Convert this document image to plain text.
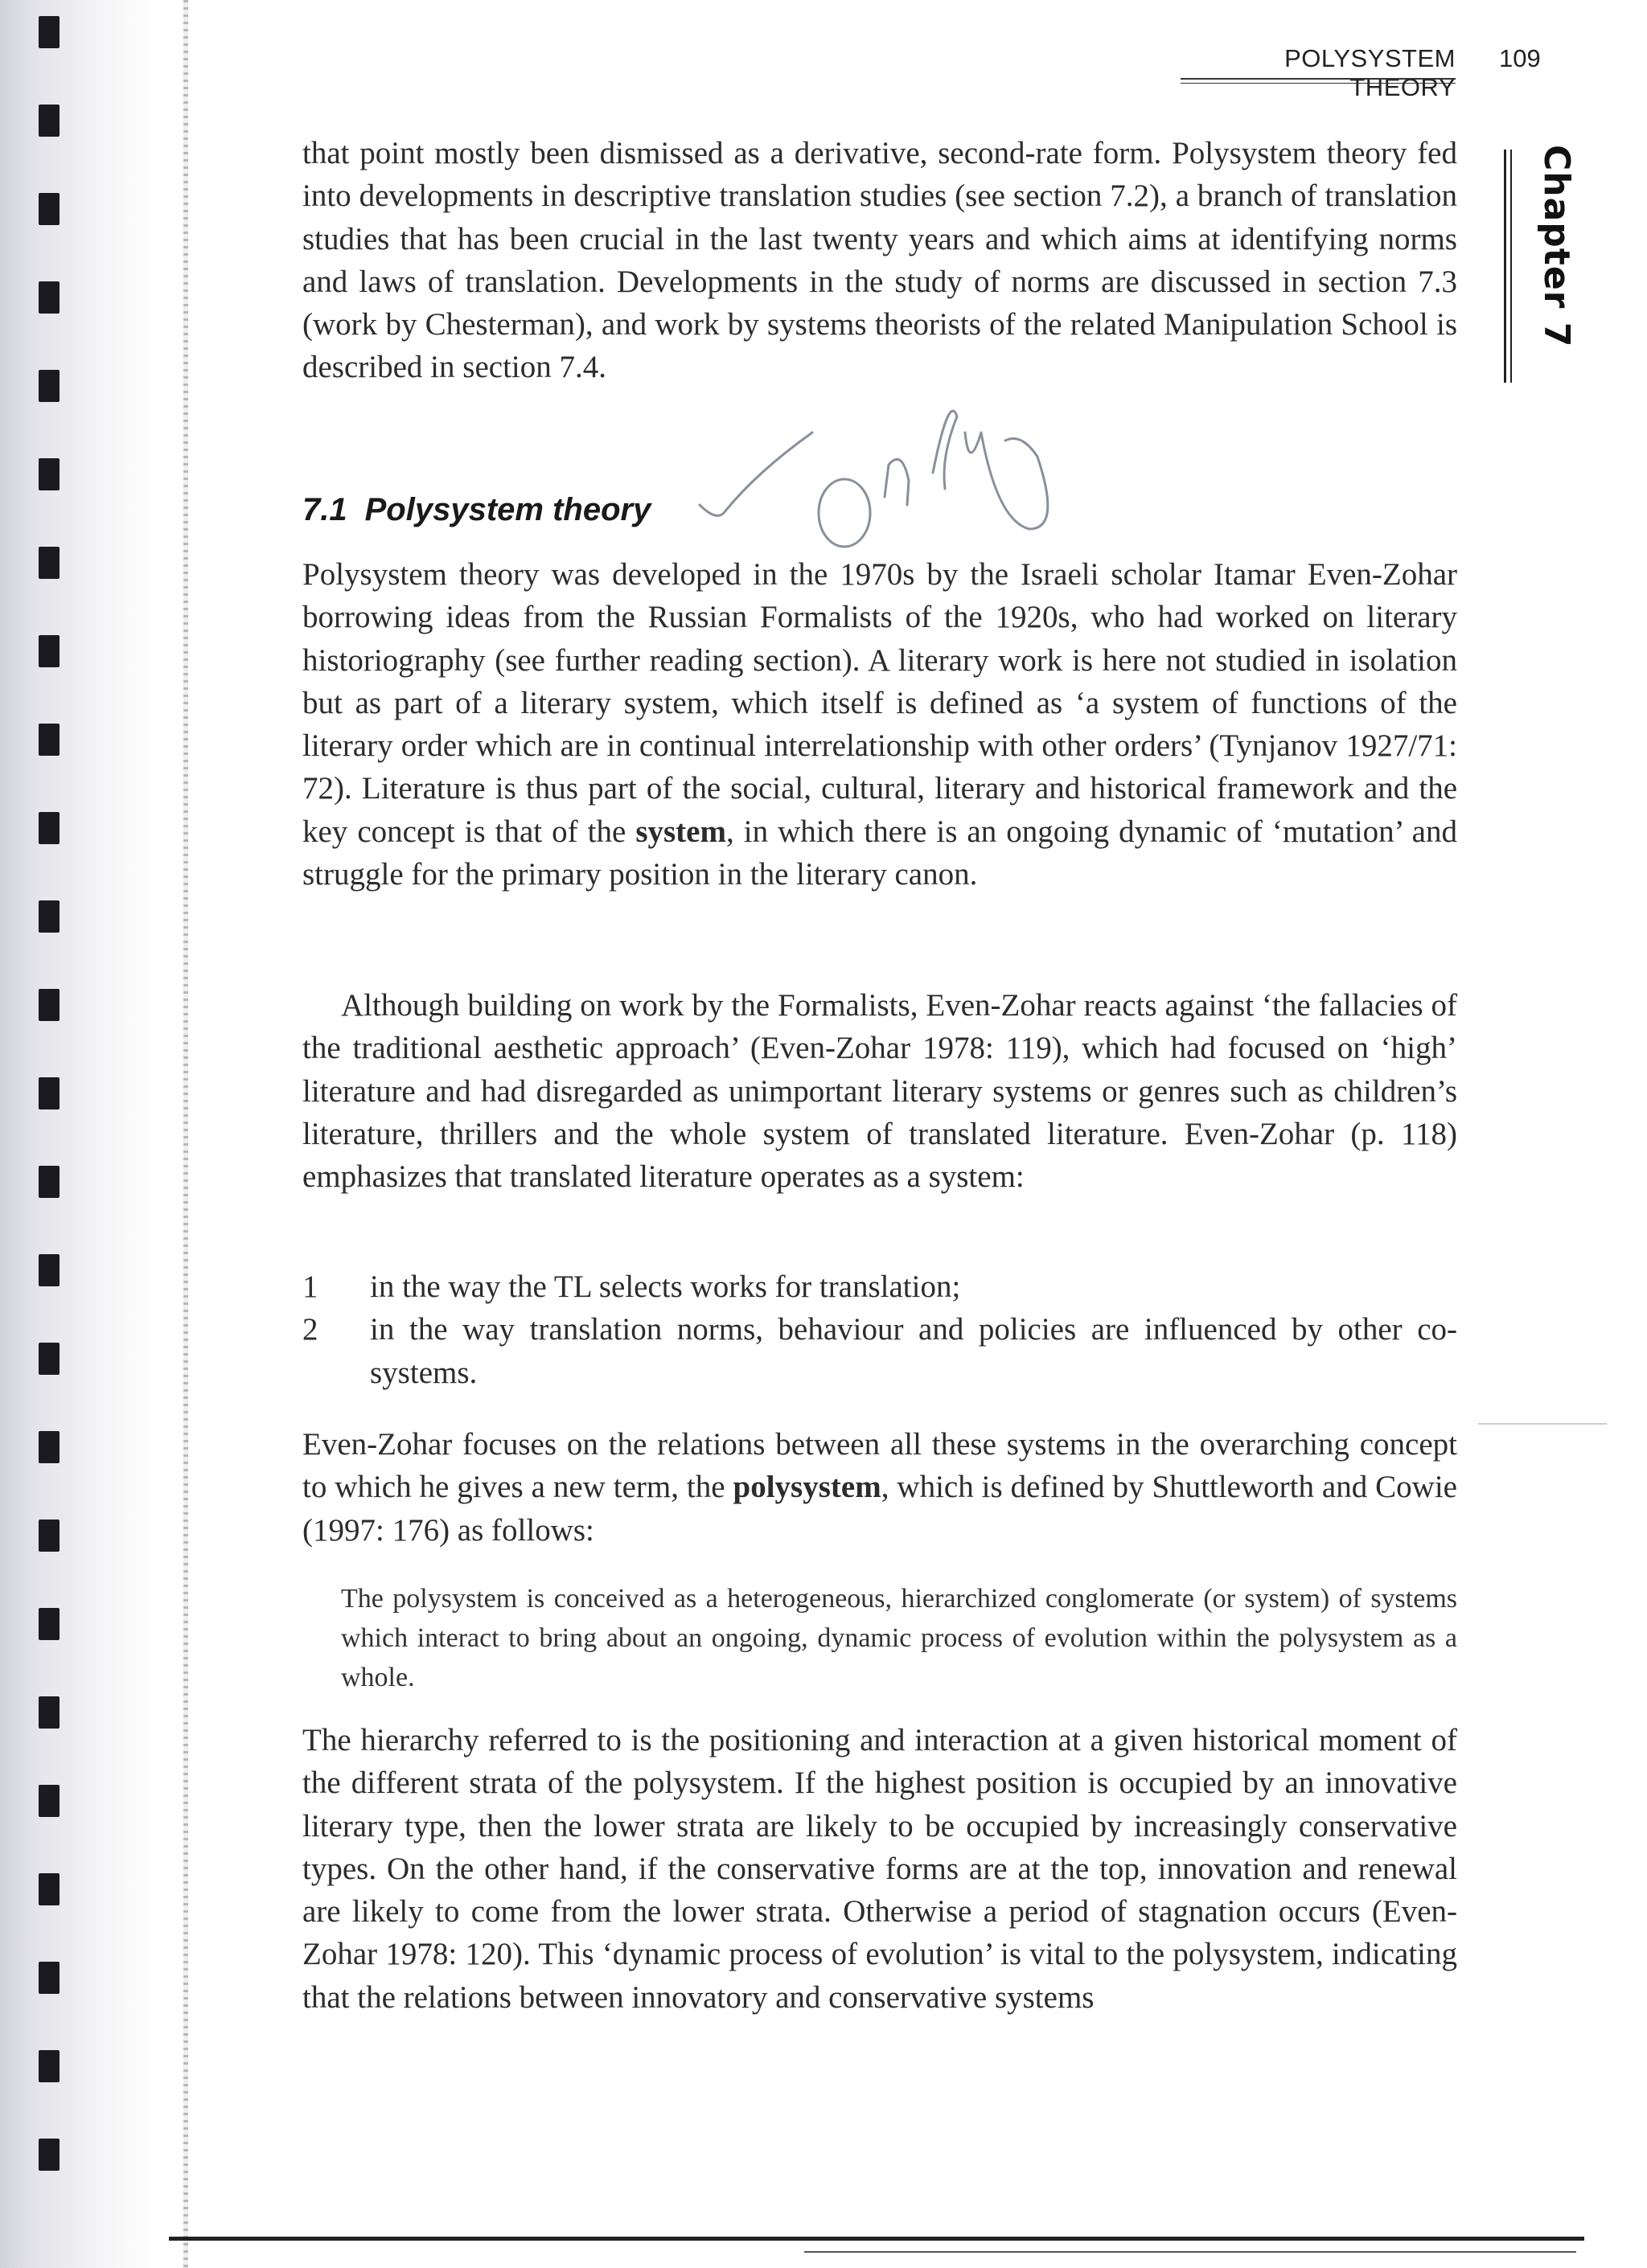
POLYSYSTEM THEORY
109
Chapter 7

that point mostly been dismissed as a derivative, second-rate form. Polysystem theory fed into developments in descriptive translation studies (see section 7.2), a branch of translation studies that has been crucial in the last twenty years and which aims at identifying norms and laws of translation. Developments in the study of norms are discussed in section 7.3 (work by Chesterman), and work by systems theorists of the related Manipulation School is described in section 7.4.

7.1 Polysystem theory

Polysystem theory was developed in the 1970s by the Israeli scholar Itamar Even-Zohar borrowing ideas from the Russian Formalists of the 1920s, who had worked on literary historiography (see further reading section). A literary work is here not studied in isolation but as part of a literary system, which itself is defined as ‘a system of functions of the literary order which are in continual interrelationship with other orders’ (Tynjanov 1927/71: 72). Literature is thus part of the social, cultural, literary and historical framework and the key concept is that of the system, in which there is an ongoing dynamic of ‘mutation’ and struggle for the primary position in the literary canon.

Although building on work by the Formalists, Even-Zohar reacts against ‘the fallacies of the traditional aesthetic approach’ (Even-Zohar 1978: 119), which had focused on ‘high’ literature and had disregarded as unimportant literary systems or genres such as children’s literature, thrillers and the whole system of translated literature. Even-Zohar (p. 118) emphasizes that translated literature operates as a system:

1	in the way the TL selects works for translation;
2	in the way translation norms, behaviour and policies are influenced by other co-systems.

Even-Zohar focuses on the relations between all these systems in the overarching concept to which he gives a new term, the polysystem, which is defined by Shuttleworth and Cowie (1997: 176) as follows:

The polysystem is conceived as a heterogeneous, hierarchized conglomerate (or system) of systems which interact to bring about an ongoing, dynamic process of evolution within the polysystem as a whole.

The hierarchy referred to is the positioning and interaction at a given historical moment of the different strata of the polysystem. If the highest position is occupied by an innovative literary type, then the lower strata are likely to be occupied by increasingly conservative types. On the other hand, if the conservative forms are at the top, innovation and renewal are likely to come from the lower strata. Otherwise a period of stagnation occurs (Even-Zohar 1978: 120). This ‘dynamic process of evolution’ is vital to the polysystem, indicating that the relations between innovatory and conservative systems
